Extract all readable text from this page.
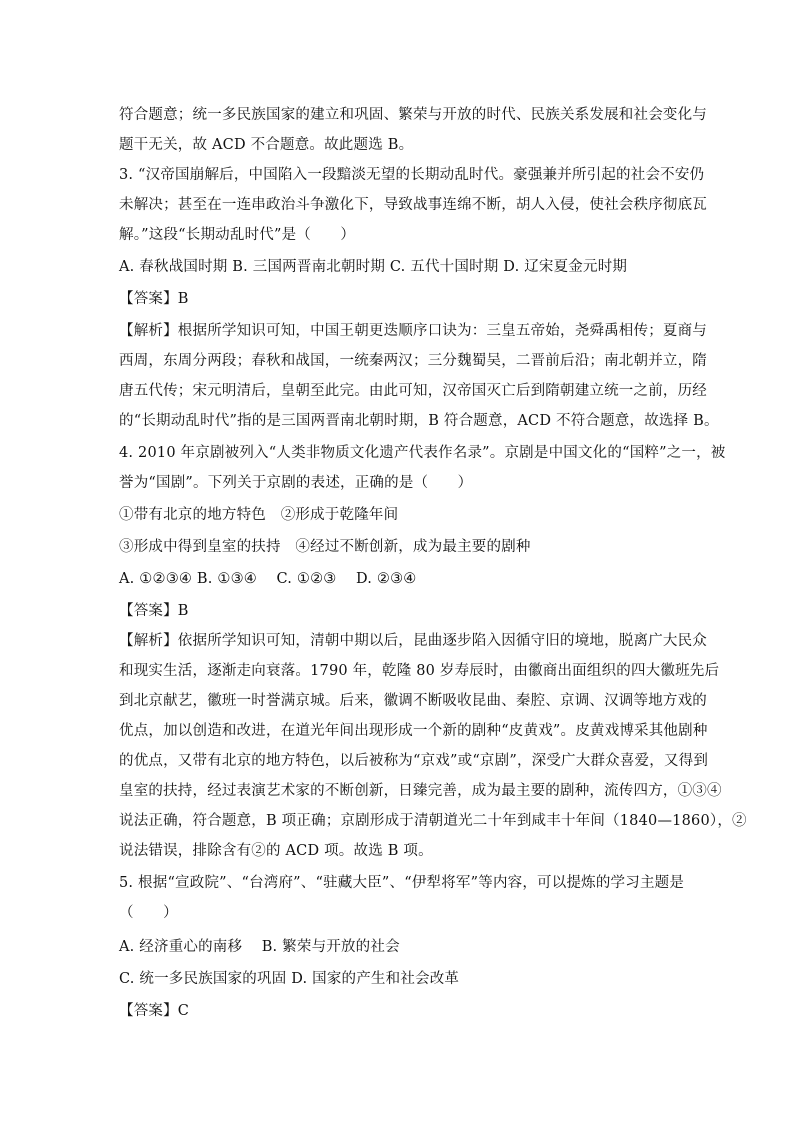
符合题意；统一多民族国家的建立和巩固、繁荣与开放的时代、民族关系发展和社会变化与
题干无关，故 ACD 不合题意。故此题选 B。
3. “汉帝国崩解后，中国陷入一段黯淡无望的长期动乱时代。豪强兼并所引起的社会不安仍
未解决；甚至在一连串政治斗争激化下，导致战事连绵不断，胡人入侵，使社会秩序彻底瓦
解。”这段“长期动乱时代”是（　　）
A. 春秋战国时期 B. 三国两晋南北朝时期 C. 五代十国时期 D. 辽宋夏金元时期
【答案】B
【解析】根据所学知识可知，中国王朝更迭顺序口诀为：三皇五帝始，尧舜禹相传；夏商与
西周，东周分两段；春秋和战国，一统秦两汉；三分魏蜀吴，二晋前后沿；南北朝并立，隋
唐五代传；宋元明清后，皇朝至此完。由此可知，汉帝国灭亡后到隋朝建立统一之前，历经
的“长期动乱时代”指的是三国两晋南北朝时期，B 符合题意，ACD 不符合题意，故选择 B。
4. 2010 年京剧被列入“人类非物质文化遗产代表作名录”。京剧是中国文化的“国粹”之一，被
誉为“国剧”。下列关于京剧的表述，正确的是（　　）
①带有北京的地方特色　②形成于乾隆年间
③形成中得到皇室的扶持　④经过不断创新，成为最主要的剧种
A. ①②③④ B. ①③④　 C. ①②③　 D. ②③④
【答案】B
【解析】依据所学知识可知，清朝中期以后，昆曲逐步陷入因循守旧的境地，脱离广大民众
和现实生活，逐渐走向衰落。1790 年，乾隆 80 岁寿辰时，由徽商出面组织的四大徽班先后
到北京献艺，徽班一时誉满京城。后来，徽调不断吸收昆曲、秦腔、京调、汉调等地方戏的
优点，加以创造和改进，在道光年间出现形成一个新的剧种“皮黄戏”。皮黄戏博采其他剧种
的优点，又带有北京的地方特色，以后被称为“京戏”或“京剧”，深受广大群众喜爱，又得到
皇室的扶持，经过表演艺术家的不断创新，日臻完善，成为最主要的剧种，流传四方，①③④
说法正确，符合题意，B 项正确；京剧形成于清朝道光二十年到咸丰十年间（1840—1860），②
说法错误，排除含有②的 ACD 项。故选 B 项。
5. 根据“宣政院”、“台湾府”、“驻藏大臣”、“伊犁将军”等内容，可以提炼的学习主题是
（　　）
A. 经济重心的南移　 B. 繁荣与开放的社会
C. 统一多民族国家的巩固 D. 国家的产生和社会改革
【答案】C
